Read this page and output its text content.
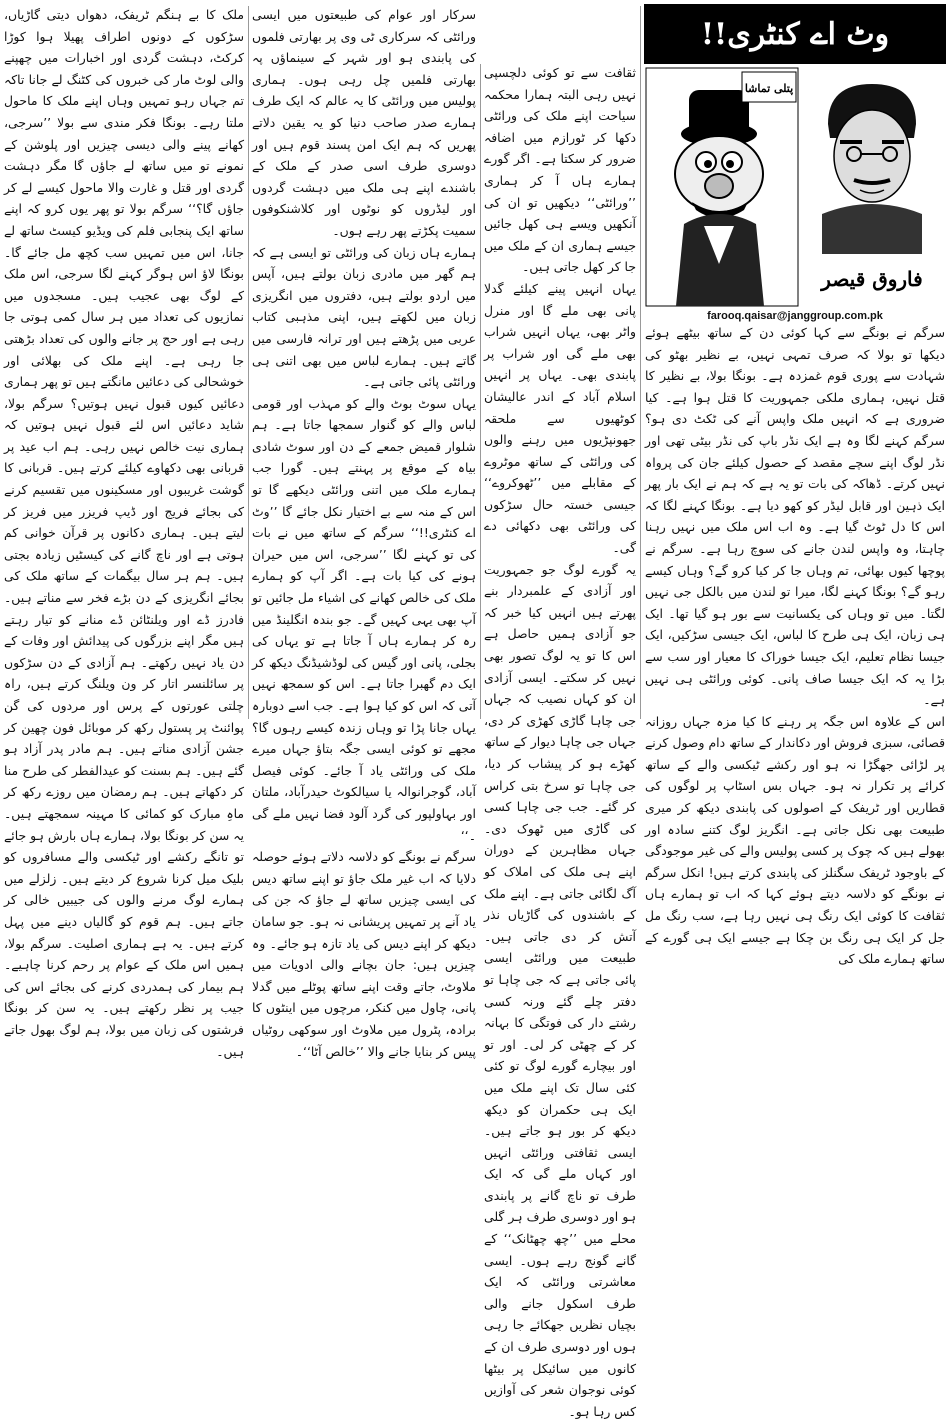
وٹ اے کنٹری!!
پتلی تماشا
فاروق قیصر
farooq.qaisar@janggroup.com.pk

سرگم نے بونگے سے کہا کوئی دن کے ساتھ بیٹھے ہوئے دیکھا تو بولا کہ صرف تمہی نہیں، بے نظیر بھٹو کی شہادت سے پوری قوم غمزدہ ہے۔ بونگا بولا، بے نظیر کا قتل نہیں، ہماری ملکی جمہوریت کا قتل ہوا ہے۔ کیا ضروری ہے کہ انہیں ملک واپس آنے کی ٹکٹ دی ہو؟ سرگم کہنے لگا وہ ہے ایک نڈر باپ کی نڈر بیٹی تھی اور نڈر لوگ اپنے سچے مقصد کے حصول کیلئے جان کی پرواہ نہیں کرتے۔ ڈھاکہ کی بات تو یہ ہے کہ ہم نے ایک بار پھر ایک ذہین اور قابل لیڈر کو کھو دیا ہے۔ بونگا کہنے لگا کہ اس کا دل ٹوٹ گیا ہے۔ وہ اب اس ملک میں نہیں رہنا چاہتا، وہ واپس لندن جانے کی سوچ رہا ہے۔ سرگم نے پوچھا کیوں بھائی، تم وہاں جا کر کیا کرو گے؟ وہاں کیسے رہو گے؟ بونگا کہنے لگا، میرا تو لندن میں بالکل جی نہیں لگتا۔ میں تو وہاں کی یکسانیت سے بور ہو گیا تھا۔ ایک ہی زبان، ایک ہی طرح کا لباس، ایک جیسی سڑکیں، ایک جیسا نظام تعلیم، ایک جیسا خوراک کا معیار اور سب سے بڑا یہ کہ ایک جیسا صاف پانی۔ کوئی ورائٹی ہی نہیں ہے۔

اس کے علاوہ اس جگہ پر رہنے کا کیا مزہ جہاں روزانہ قصائی، سبزی فروش اور دکاندار کے ساتھ دام وصول کرنے پر لڑائی جھگڑا نہ ہو اور رکشے ٹیکسی والے کے ساتھ کرائے پر تکرار نہ ہو۔ جہاں بس اسٹاپ پر لوگوں کی قطاریں اور ٹریفک کے اصولوں کی پابندی دیکھ کر میری طبیعت بھی نکل جاتی ہے۔ انگریز لوگ کتنے سادہ اور بھولے ہیں کہ چوک پر کسی پولیس والے کی غیر موجودگی کے باوجود ٹریفک سگنلز کی پابندی کرتے ہیں! انکل سرگم نے بونگے کو دلاسہ دیتے ہوئے کہا کہ اب تو ہمارے ہاں ثقافت کا کوئی ایک رنگ ہی نہیں رہا ہے، سب رنگ مل جل کر ایک ہی رنگ بن چکا ہے جیسے ایک ہی گورے کے ساتھ ہمارے ملک کی

ثقافت سے تو کوئی دلچسپی نہیں رہی البتہ ہمارا محکمہ سیاحت اپنے ملک کی ورائٹی دکھا کر ٹورازم میں اضافہ ضرور کر سکتا ہے۔ اگر گورے ہمارے ہاں آ کر ہماری ’’ورائٹی‘‘ دیکھیں تو ان کی آنکھیں ویسے ہی کھل جائیں جیسے ہماری ان کے ملک میں جا کر کھل جاتی ہیں۔

یہاں انہیں پینے کیلئے گدلا پانی بھی ملے گا اور منرل واٹر بھی، یہاں انہیں شراب بھی ملے گی اور شراب پر پابندی بھی۔ یہاں پر انہیں اسلام آباد کے اندر عالیشان کوٹھیوں سے ملحقہ جھونپڑیوں میں رہنے والوں کی ورائٹی کے ساتھ موٹروے کے مقابلے میں ’’ٹھوکروے‘‘ جیسی خستہ حال سڑکوں کی ورائٹی بھی دکھائی دے گی۔

یہ گورے لوگ جو جمہوریت اور آزادی کے علمبردار بنے پھرتے ہیں انہیں کیا خبر کہ جو آزادی ہمیں حاصل ہے اس کا تو یہ لوگ تصور بھی نہیں کر سکتے۔ ایسی آزادی ان کو کہاں نصیب کہ جہاں جی چاہا گاڑی کھڑی کر دی، جہاں جی چاہا دیوار کے ساتھ کھڑے ہو کر پیشاب کر دیا، جی چاہا تو سرخ بتی کراس کر گئے۔ جب جی چاہا کسی کی گاڑی میں ٹھوک دی۔ جہاں مظاہرین کے دوران اپنے ہی ملک کی املاک کو آگ لگائی جاتی ہے۔ اپنے ملک کے باشندوں کی گاڑیاں نذر آتش کر دی جاتی ہیں۔ طبیعت میں ورائٹی ایسی پائی جاتی ہے کہ جی چاہا تو دفتر چلے گئے ورنہ کسی رشتے دار کی فوتگی کا بہانہ کر کے چھٹی کر لی۔ اور تو اور بیچارے گورے لوگ تو کئی کئی سال تک اپنے ملک میں ایک ہی حکمران کو دیکھ دیکھ کر بور ہو جاتے ہیں۔ ایسی ثقافتی ورائٹی انہیں اور کہاں ملے گی کہ ایک طرف تو ناچ گانے پر پابندی ہو اور دوسری طرف ہر گلی محلے میں ’’چھ چھٹانک‘‘ کے گانے گونج رہے ہوں۔ ایسی معاشرتی ورائٹی کہ ایک طرف اسکول جانے والی بچیاں نظریں جھکائے جا رہی ہوں اور دوسری طرف ان کے کانوں میں سائیکل پر بیٹھا کوئی نوجوان شعر کی آوازیں کس رہا ہو۔

سرکار اور عوام کی طبیعتوں میں ایسی ورائٹی کہ سرکاری ٹی وی پر بھارتی فلموں کی پابندی ہو اور شہر کے سینماؤں پہ بھارتی فلمیں چل رہی ہوں۔ ہماری پولیس میں ورائٹی کا یہ عالم کہ ایک طرف ہمارے صدر صاحب دنیا کو یہ یقین دلاتے پھریں کہ ہم ایک امن پسند قوم ہیں اور دوسری طرف اسی صدر کے ملک کے باشندے اپنے ہی ملک میں دہشت گردوں اور لیڈروں کو نوٹوں اور کلاشنکوفوں سمیت پکڑتے پھر رہے ہوں۔

ہمارے ہاں زبان کی ورائٹی تو ایسی ہے کہ ہم گھر میں مادری زبان بولتے ہیں، آپس میں اردو بولتے ہیں، دفتروں میں انگریزی زبان میں لکھتے ہیں، اپنی مذہبی کتاب عربی میں پڑھتے ہیں اور ترانہ فارسی میں گاتے ہیں۔ ہمارے لباس میں بھی اتنی ہی ورائٹی پائی جاتی ہے۔

یہاں سوٹ بوٹ والے کو مہذب اور قومی لباس والے کو گنوار سمجھا جاتا ہے۔ ہم شلوار قمیض جمعے کے دن اور سوٹ شادی بیاہ کے موقع پر پہنتے ہیں۔ گورا جب ہمارے ملک میں اتنی ورائٹی دیکھے گا تو اس کے منہ سے بے اختیار نکل جائے گا ’’وٹ اے کنٹری!!‘‘ سرگم کے ساتھ میں نے بات کی تو کہنے لگا ’’سرجی، اس میں حیران ہونے کی کیا بات ہے۔ اگر آپ کو ہمارے ملک کی خالص کھانے کی اشیاء مل جائیں تو آپ بھی یہی کہیں گے۔ جو بندہ انگلینڈ میں رہ کر ہمارے ہاں آ جاتا ہے تو یہاں کی بجلی، پانی اور گیس کی لوڈشیڈنگ دیکھ کر ایک دم گھبرا جاتا ہے۔ اس کو سمجھ نہیں آتی کہ اس کو کیا ہوا ہے۔ جب اسے دوبارہ یہاں جانا پڑا تو وہاں زندہ کیسے رہوں گا؟ مجھے تو کوئی ایسی جگہ بتاؤ جہاں میرے ملک کی ورائٹی یاد آ جائے۔ کوئی فیصل آباد، گوجرانوالہ یا سیالکوٹ حیدرآباد، ملتان اور بہاولپور کی گرد آلود فضا نہیں ملے گی ۔‘‘

سرگم نے بونگے کو دلاسہ دلاتے ہوئے حوصلہ دلایا کہ اب غیر ملک جاؤ تو اپنے ساتھ دیس کی ایسی چیزیں ساتھ لے جاؤ کہ جن کی یاد آنے پر تمہیں پریشانی نہ ہو۔ جو سامان دیکھ کر اپنے دیس کی یاد تازہ ہو جائے۔ وہ چیزیں ہیں: جان بچانے والی ادویات میں ملاوٹ، جاتے وقت اپنے ساتھ پوٹلے میں گدلا پانی، چاول میں کنکر، مرچوں میں اینٹوں کا برادہ، پٹرول میں ملاوٹ اور سوکھی روٹیاں پیس کر بنایا جانے والا ’’خالص آٹا‘‘۔

ملک کا بے ہنگم ٹریفک، دھواں دیتی گاڑیاں، سڑکوں کے دونوں اطراف پھیلا ہوا کوڑا کرکٹ، دہشت گردی اور اخبارات میں چھپنے والی لوٹ مار کی خبروں کی کٹنگ لے جانا تاکہ تم جہاں رہو تمہیں وہاں اپنے ملک کا ماحول ملتا رہے۔ بونگا فکر مندی سے بولا ’’سرجی، کھانے پینے والی دیسی چیزیں اور پلوشن کے نمونے تو میں ساتھ لے جاؤں گا مگر دہشت گردی اور قتل و غارت والا ماحول کیسے لے کر جاؤں گا؟‘‘ سرگم بولا تو پھر یوں کرو کہ اپنے ساتھ ایک پنجابی فلم کی ویڈیو کیسٹ ساتھ لے جانا، اس میں تمہیں سب کچھ مل جائے گا۔ بونگا لاؤ اس ہوگر کہنے لگا سرجی، اس ملک کے لوگ بھی عجیب ہیں۔ مسجدوں میں نمازیوں کی تعداد میں ہر سال کمی ہوتی جا رہی ہے اور حج پر جانے والوں کی تعداد بڑھتی جا رہی ہے۔ اپنے ملک کی بھلائی اور خوشحالی کی دعائیں مانگتے ہیں تو پھر ہماری دعائیں کیوں قبول نہیں ہوتیں؟ سرگم بولا، شاید دعائیں اس لئے قبول نہیں ہوتیں کہ ہماری نیت خالص نہیں رہی۔ ہم اب عید پر قربانی بھی دکھاوے کیلئے کرتے ہیں۔ قربانی کا گوشت غریبوں اور مسکینوں میں تقسیم کرنے کی بجائے فریج اور ڈیپ فریزر میں فریز کر لیتے ہیں۔ ہماری دکانوں پر قرآن خوانی کم ہوتی ہے اور ناچ گانے کی کیسٹیں زیادہ بجتی ہیں۔ ہم ہر سال بیگمات کے ساتھ ملک کی بجائے انگریزی کے دن بڑے فخر سے مناتے ہیں۔ فادرز ڈے اور ویلنٹائن ڈے منانے کو تیار رہتے ہیں مگر اپنے بزرگوں کی پیدائش اور وفات کے دن یاد نہیں رکھتے۔ ہم آزادی کے دن سڑکوں پر سائلنسر اتار کر ون ویلنگ کرتے ہیں، راہ چلتی عورتوں کے پرس اور مردوں کی گن پوائنٹ پر پستول رکھ کر موبائل فون چھین کر جشن آزادی مناتے ہیں۔ ہم مادر پدر آزاد ہو گئے ہیں۔ ہم بسنت کو عیدالفطر کی طرح منا کر دکھاتے ہیں۔ ہم رمضان میں روزے رکھ کر ماہِ مبارک کو کمائی کا مہینہ سمجھتے ہیں۔ یہ سن کر بونگا بولا، ہمارے ہاں بارش ہو جائے تو تانگے رکشے اور ٹیکسی والے مسافروں کو بلیک میل کرنا شروع کر دیتے ہیں۔ زلزلے میں ہمارے لوگ مرنے والوں کی جیبیں خالی کر جاتے ہیں۔ ہم قوم کو گالیاں دینے میں پہل کرتے ہیں۔ یہ ہے ہماری اصلیت۔ سرگم بولا، ہمیں اس ملک کے عوام پر رحم کرنا چاہیے۔ ہم بیمار کی ہمدردی کرنے کی بجائے اس کی جیب پر نظر رکھتے ہیں۔ یہ سن کر بونگا فرشتوں کی زبان میں بولا، ہم لوگ بھول جاتے ہیں۔
